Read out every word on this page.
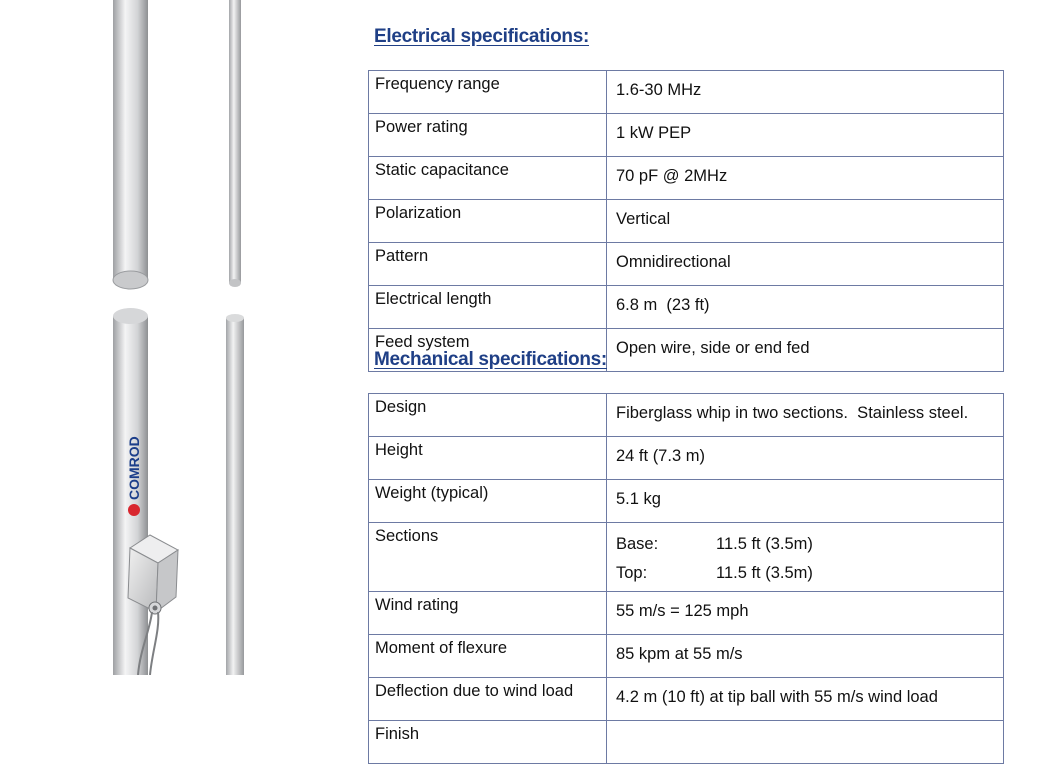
COMROD
Electrical specifications:
Frequency range	1.6-30 MHz
Power rating	1 kW PEP
Static capacitance	70 pF @ 2MHz
Polarization	Vertical
Pattern	Omnidirectional
Electrical length	6.8 m  (23 ft)
Feed system	Open wire, side or end fed
Mechanical specifications:
Design	Fiberglass whip in two sections.  Stainless steel.
Height	24 ft (7.3 m)
Weight (typical)	5.1 kg
Sections	Base: 11.5 ft (3.5m)
Top: 11.5 ft (3.5m)

Wind rating	55 m/s = 125 mph
Moment of flexure	85 kpm at 55 m/s
Deflection due to wind load	4.2 m (10 ft) at tip ball with 55 m/s wind load
Finish	
